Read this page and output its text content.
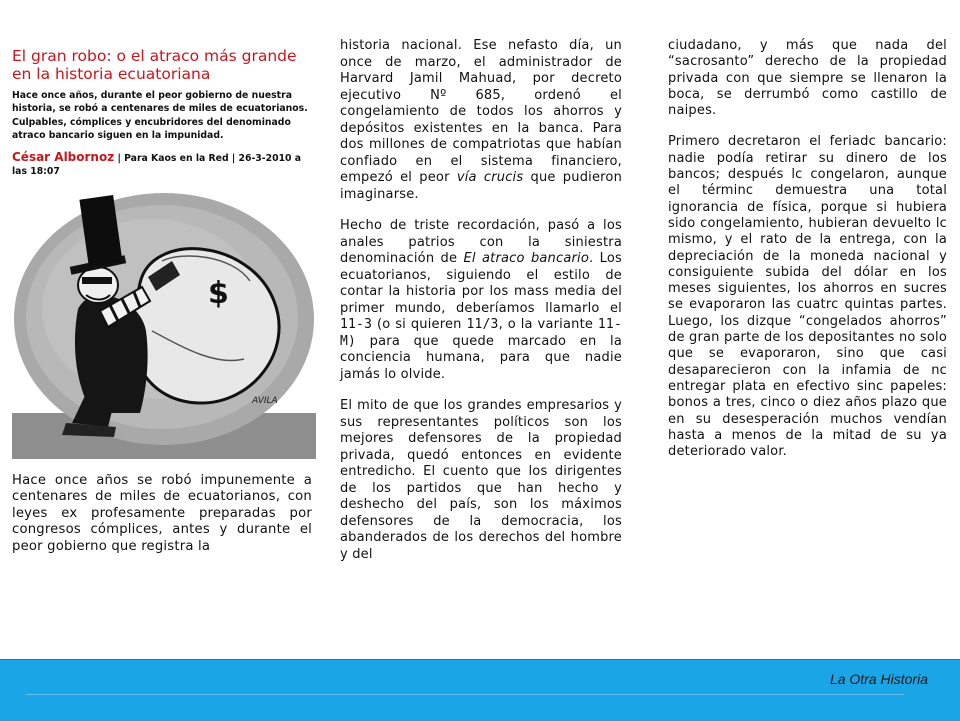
El gran robo: o el atraco más grande en la historia ecuatoriana

Hace once años, durante el peor gobierno de nuestra historia, se robó a centenares de miles de ecuatorianos. Culpables, cómplices y encubridores del denominado atraco bancario siguen en la impunidad.

César Albornoz | Para Kaos en la Red | 26-3-2010 a las 18:07

$
AVILA

Hace once años se robó impunemente a centenares de miles de ecuatorianos, con leyes ex profesamente preparadas por congresos cómplices, antes y durante el peor gobierno que registra la

historia nacional. Ese nefasto día, un once de marzo, el administrador de Harvard Jamil Mahuad, por decreto ejecutivo Nº 685, ordenó el congelamiento de todos los ahorros y depósitos existentes en la banca. Para dos millones de compatriotas que habían confiado en el sistema financiero, empezó el peor vía crucis que pudieron imaginarse.

Hecho de triste recordación, pasó a los anales patrios con la siniestra denominación de El atraco bancario. Los ecuatorianos, siguiendo el estilo de contar la historia por los mass media del primer mundo, deberíamos llamarlo el 11-3 (o si quieren 11/3, o la variante 11-M) para que quede marcado en la conciencia humana, para que nadie jamás lo olvide.

El mito de que los grandes empresarios y sus representantes políticos son los mejores defensores de la propiedad privada, quedó entonces en evidente entredicho. El cuento que los dirigentes de los partidos que han hecho y deshecho del país, son los máximos defensores de la democracia, los abanderados de los derechos del hombre y del

ciudadano, y más que nada del “sacrosanto” derecho de la propiedad privada con que siempre se llenaron la boca, se derrumbó como castillo de naipes.

Primero decretaron el feriadc bancario: nadie podía retirar su dinero de los bancos; después lc congelaron, aunque el términc demuestra una total ignorancia de física, porque si hubiera sido congelamiento, hubieran devuelto lc mismo, y el rato de la entrega, con la depreciación de la moneda nacional y consiguiente subida del dólar en los meses siguientes, los ahorros en sucres se evaporaron las cuatrc quintas partes. Luego, los dizque “congelados ahorros” de gran parte de los depositantes no solo que se evaporaron, sino que casi desaparecieron con la infamia de nc entregar plata en efectivo sinc papeles: bonos a tres, cinco o diez años plazo que en su desesperación muchos vendían hasta a menos de la mitad de su ya deteriorado valor.

La Otra Historia
